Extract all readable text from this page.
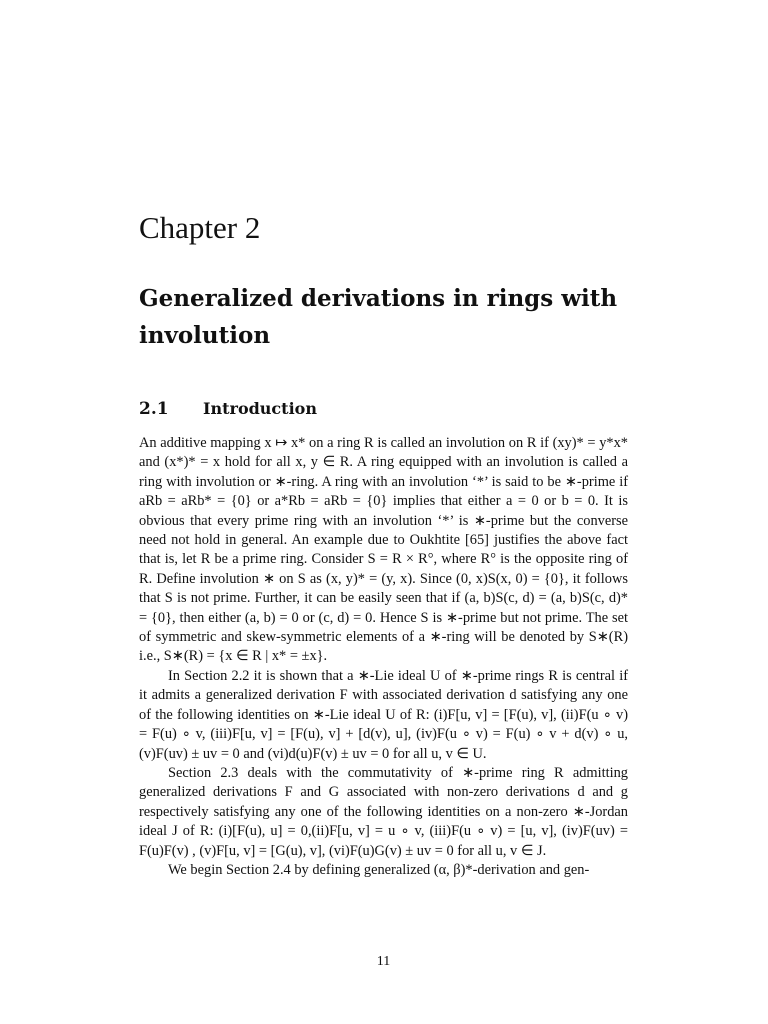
Chapter 2
Generalized derivations in rings with involution
2.1 Introduction

An additive mapping x ↦ x* on a ring R is called an involution on R if (xy)* = y*x* and (x*)* = x hold for all x, y ∈ R. A ring equipped with an involution is called a ring with involution or ∗-ring. A ring with an involution ‘*’ is said to be ∗-prime if aRb = aRb* = {0} or a*Rb = aRb = {0} implies that either a = 0 or b = 0. It is obvious that every prime ring with an involution ‘*’ is ∗-prime but the converse need not hold in general. An example due to Oukhtite [65] justifies the above fact that is, let R be a prime ring. Consider S = R × R°, where R° is the opposite ring of R. Define involution ∗ on S as (x, y)* = (y, x). Since (0, x)S(x, 0) = {0}, it follows that S is not prime. Further, it can be easily seen that if (a, b)S(c, d) = (a, b)S(c, d)* = {0}, then either (a, b) = 0 or (c, d) = 0. Hence S is ∗-prime but not prime. The set of symmetric and skew-symmetric elements of a ∗-ring will be denoted by S∗(R) i.e., S∗(R) = {x ∈ R | x* = ±x}.

In Section 2.2 it is shown that a ∗-Lie ideal U of ∗-prime rings R is central if it admits a generalized derivation F with associated derivation d satisfying any one of the following identities on ∗-Lie ideal U of R: (i)F[u, v] = [F(u), v], (ii)F(u ∘ v) = F(u) ∘ v, (iii)F[u, v] = [F(u), v] + [d(v), u], (iv)F(u ∘ v) = F(u) ∘ v + d(v) ∘ u, (v)F(uv) ± uv = 0 and (vi)d(u)F(v) ± uv = 0 for all u, v ∈ U.

Section 2.3 deals with the commutativity of ∗-prime ring R admitting generalized derivations F and G associated with non-zero derivations d and g respectively satisfying any one of the following identities on a non-zero ∗-Jordan ideal J of R: (i)[F(u), u] = 0,(ii)F[u, v] = u ∘ v, (iii)F(u ∘ v) = [u, v], (iv)F(uv) = F(u)F(v) , (v)F[u, v] = [G(u), v], (vi)F(u)G(v) ± uv = 0 for all u, v ∈ J.

We begin Section 2.4 by defining generalized (α, β)*-derivation and gen-

11
